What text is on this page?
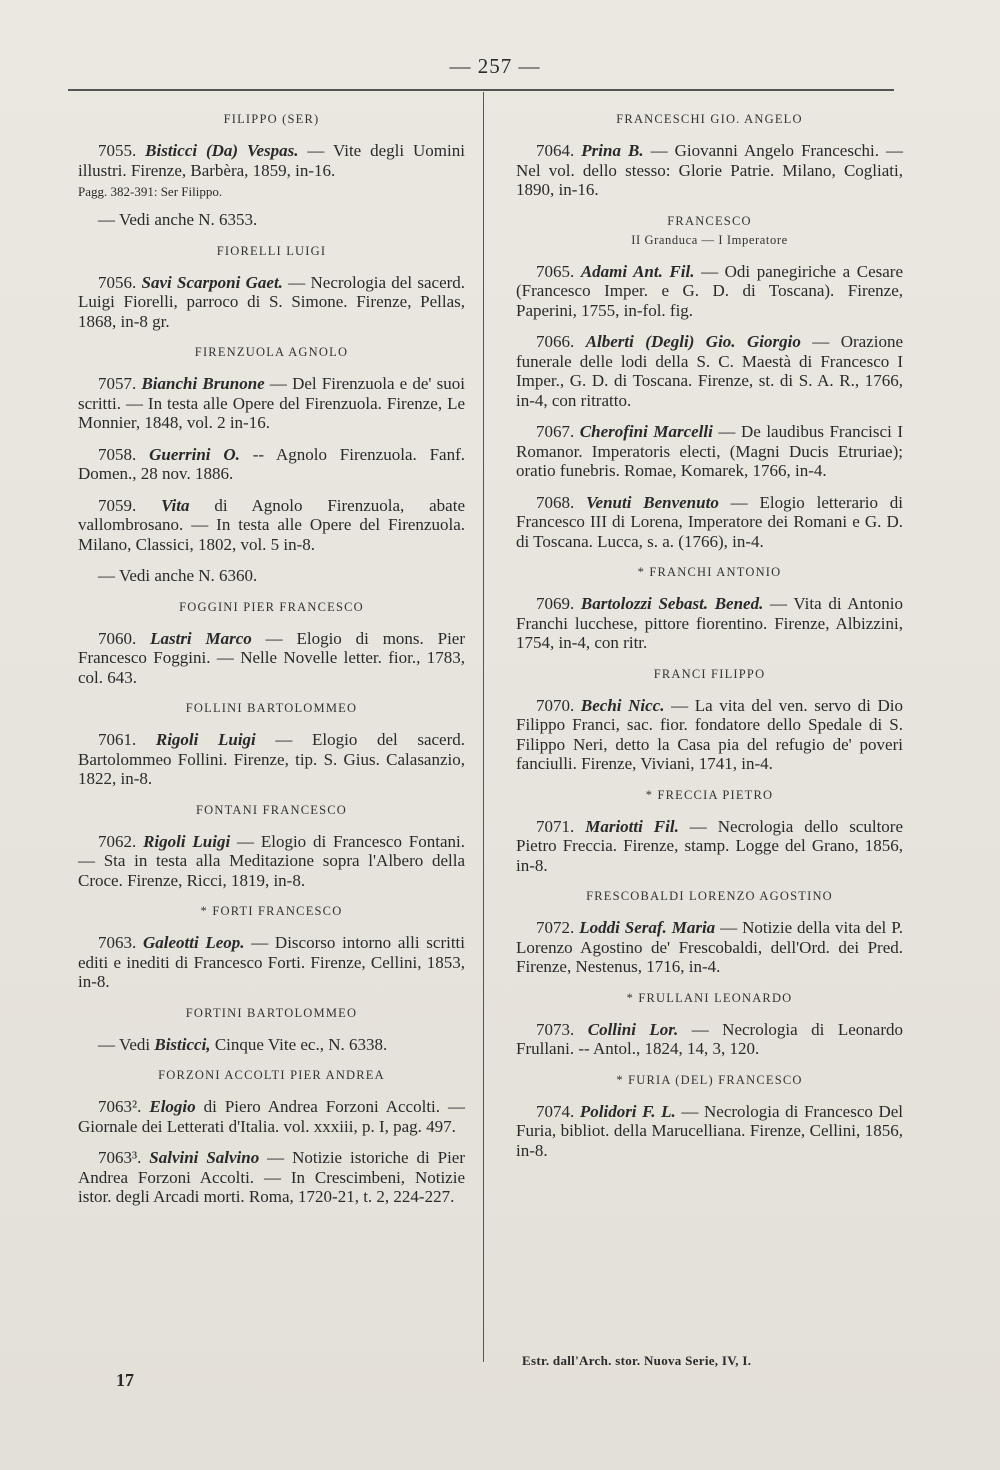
— 257 —
FILIPPO (SER)
7055. Bisticci (Da) Vespas. — Vite degli Uomini illustri. Firenze, Barbèra, 1859, in-16.
Pagg. 382-391: Ser Filippo.
— Vedi anche N. 6353.
FIORELLI LUIGI
7056. Savi Scarponi Gaet. — Necrologia del sacerd. Luigi Fiorelli, parroco di S. Simone. Firenze, Pellas, 1868, in-8 gr.
FIRENZUOLA AGNOLO
7057. Bianchi Brunone — Del Firenzuola e de' suoi scritti. — In testa alle Opere del Firenzuola. Firenze, Le Monnier, 1848, vol. 2 in-16.
7058. Guerrini O. -- Agnolo Firenzuola. Fanf. Domen., 28 nov. 1886.
7059. Vita di Agnolo Firenzuola, abate vallombrosano. — In testa alle Opere del Firenzuola. Milano, Classici, 1802, vol. 5 in-8.
— Vedi anche N. 6360.
FOGGINI PIER FRANCESCO
7060. Lastri Marco — Elogio di mons. Pier Francesco Foggini. — Nelle Novelle letter. fior., 1783, col. 643.
FOLLINI BARTOLOMMEO
7061. Rigoli Luigi — Elogio del sacerd. Bartolommeo Follini. Firenze, tip. S. Gius. Calasanzio, 1822, in-8.
FONTANI FRANCESCO
7062. Rigoli Luigi — Elogio di Francesco Fontani. — Sta in testa alla Meditazione sopra l'Albero della Croce. Firenze, Ricci, 1819, in-8.
* FORTI FRANCESCO
7063. Galeotti Leop. — Discorso intorno alli scritti editi e inediti di Francesco Forti. Firenze, Cellini, 1853, in-8.
FORTINI BARTOLOMMEO
— Vedi Bisticci, Cinque Vite ec., N. 6338.
FORZONI ACCOLTI PIER ANDREA
7063². Elogio di Piero Andrea Forzoni Accolti. — Giornale dei Letterati d'Italia. vol. xxxiii, p. I, pag. 497.
7063³. Salvini Salvino — Notizie istoriche di Pier Andrea Forzoni Accolti. — In Crescimbeni, Notizie istor. degli Arcadi morti. Roma, 1720-21, t. 2, 224-227.
FRANCESCHI GIO. ANGELO
7064. Prina B. — Giovanni Angelo Franceschi. — Nel vol. dello stesso: Glorie Patrie. Milano, Cogliati, 1890, in-16.
FRANCESCO
II Granduca — I Imperatore
7065. Adami Ant. Fil. — Odi panegiriche a Cesare (Francesco Imper. e G. D. di Toscana). Firenze, Paperini, 1755, in-fol. fig.
7066. Alberti (Degli) Gio. Giorgio — Orazione funerale delle lodi della S. C. Maestà di Francesco I Imper., G. D. di Toscana. Firenze, st. di S. A. R., 1766, in-4, con ritratto.
7067. Cherofini Marcelli — De laudibus Francisci I Romanor. Imperatoris electi, (Magni Ducis Etruriae); oratio funebris. Romae, Komarek, 1766, in-4.
7068. Venuti Benvenuto — Elogio letterario di Francesco III di Lorena, Imperatore dei Romani e G. D. di Toscana. Lucca, s. a. (1766), in-4.
* FRANCHI ANTONIO
7069. Bartolozzi Sebast. Bened. — Vita di Antonio Franchi lucchese, pittore fiorentino. Firenze, Albizzini, 1754, in-4, con ritr.
FRANCI FILIPPO
7070. Bechi Nicc. — La vita del ven. servo di Dio Filippo Franci, sac. fior. fondatore dello Spedale di S. Filippo Neri, detto la Casa pia del refugio de' poveri fanciulli. Firenze, Viviani, 1741, in-4.
* FRECCIA PIETRO
7071. Mariotti Fil. — Necrologia dello scultore Pietro Freccia. Firenze, stamp. Logge del Grano, 1856, in-8.
FRESCOBALDI LORENZO AGOSTINO
7072. Loddi Seraf. Maria — Notizie della vita del P. Lorenzo Agostino de' Frescobaldi, dell'Ord. dei Pred. Firenze, Nestenus, 1716, in-4.
* FRULLANI LEONARDO
7073. Collini Lor. — Necrologia di Leonardo Frullani. -- Antol., 1824, 14, 3, 120.
* FURIA (DEL) FRANCESCO
7074. Polidori F. L. — Necrologia di Francesco Del Furia, bibliot. della Marucelliana. Firenze, Cellini, 1856, in-8.
Estr. dall'Arch. stor. Nuova Serie, IV, I.
17
